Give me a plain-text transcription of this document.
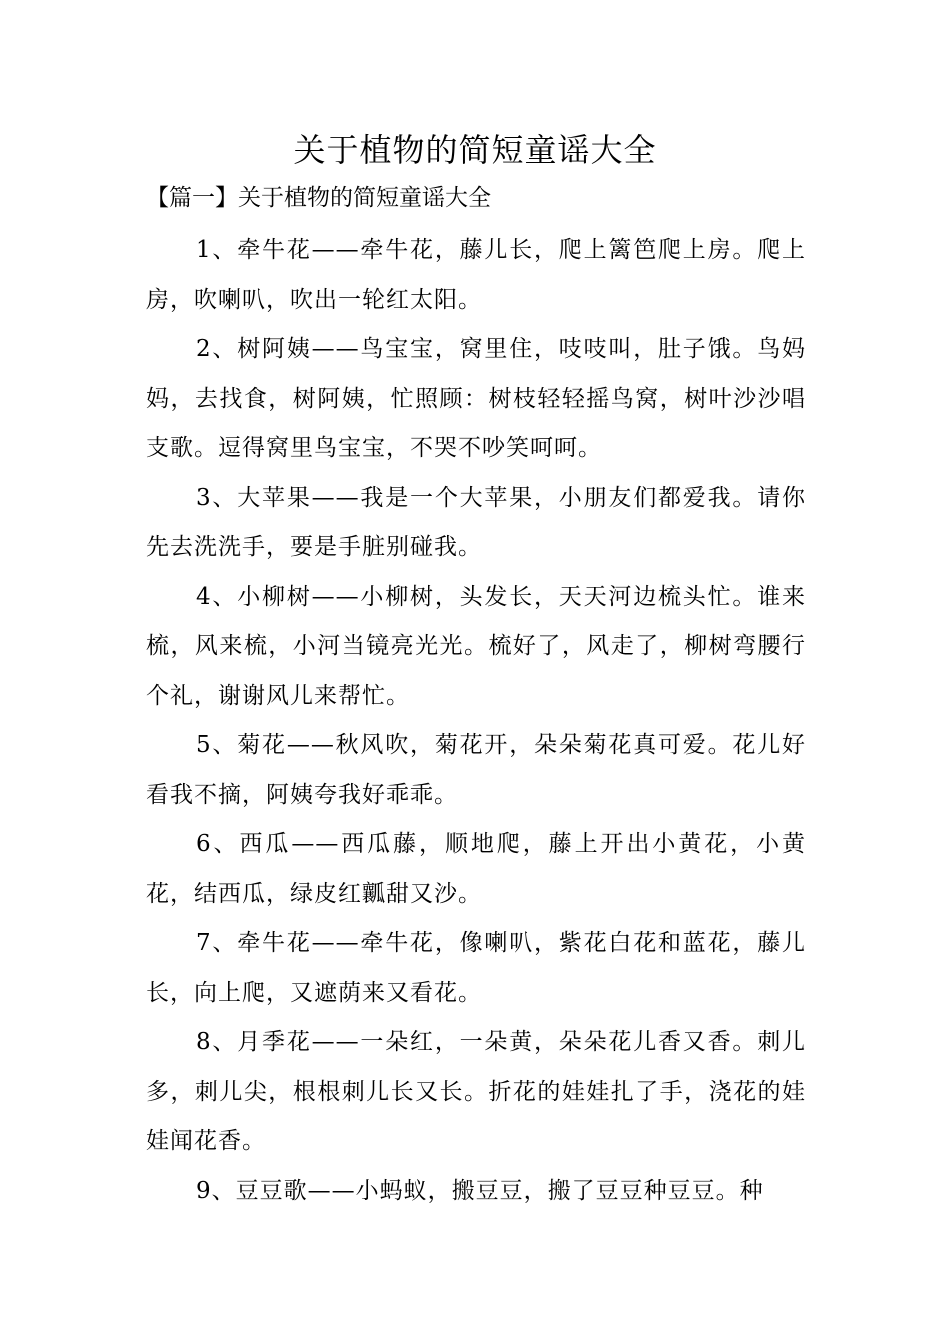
关于植物的简短童谣大全

【篇一】关于植物的简短童谣大全

1、牵牛花——牵牛花，藤儿长，爬上篱笆爬上房。爬上房，吹喇叭，吹出一轮红太阳。

2、树阿姨——鸟宝宝，窝里住，吱吱叫，肚子饿。鸟妈妈，去找食，树阿姨，忙照顾：树枝轻轻摇鸟窝，树叶沙沙唱支歌。逗得窝里鸟宝宝，不哭不吵笑呵呵。

3、大苹果——我是一个大苹果，小朋友们都爱我。请你先去洗洗手，要是手脏别碰我。

4、小柳树——小柳树，头发长，天天河边梳头忙。谁来梳，风来梳，小河当镜亮光光。梳好了，风走了，柳树弯腰行个礼，谢谢风儿来帮忙。

5、菊花——秋风吹，菊花开，朵朵菊花真可爱。花儿好看我不摘，阿姨夸我好乖乖。

6、西瓜——西瓜藤，顺地爬，藤上开出小黄花，小黄花，结西瓜，绿皮红瓤甜又沙。

7、牵牛花——牵牛花，像喇叭，紫花白花和蓝花，藤儿长，向上爬，又遮荫来又看花。

8、月季花——一朵红，一朵黄，朵朵花儿香又香。刺儿多，刺儿尖，根根刺儿长又长。折花的娃娃扎了手，浇花的娃娃闻花香。

9、豆豆歌——小蚂蚁，搬豆豆，搬了豆豆种豆豆。种
